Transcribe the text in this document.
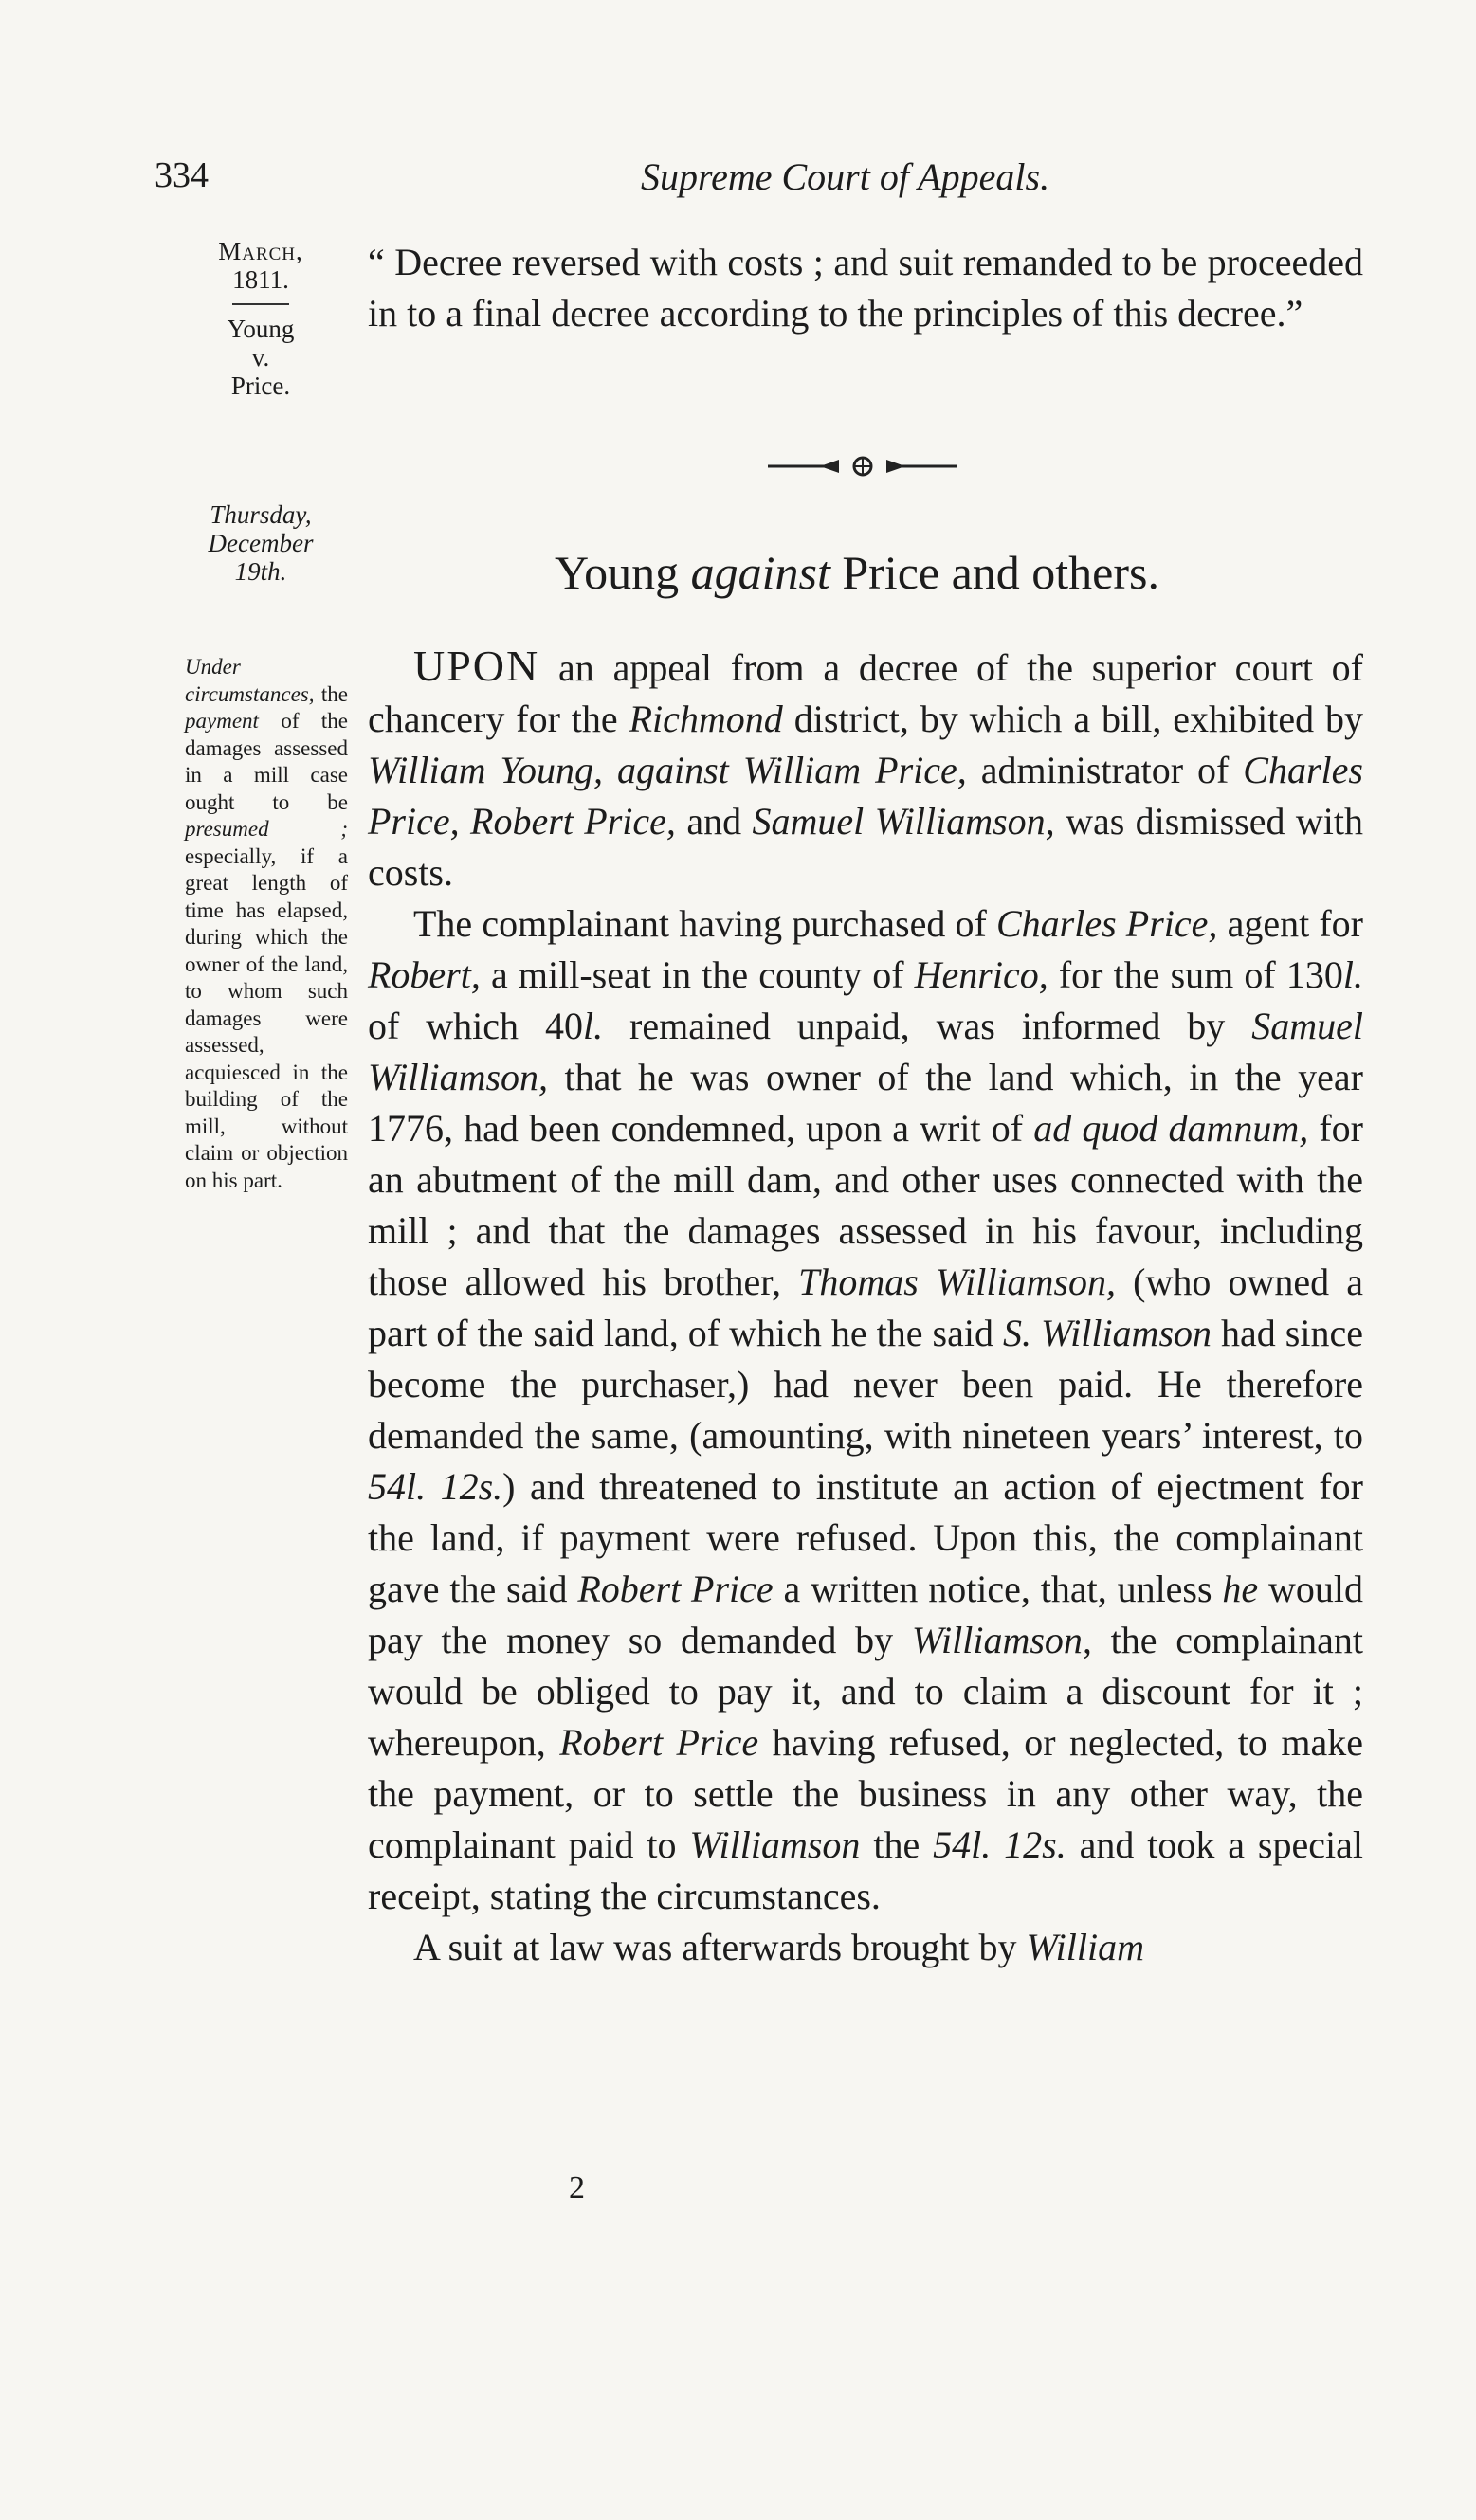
334	Supreme Court of Appeals.
March,
1811.
Young
v.
Price.
“ Decree reversed with costs ; and suit remanded to be proceeded in to a final decree according to the principles of this decree.”
Thursday,
December
19th.	Young against Price and others.
Under circumstances, the payment of the damages assessed in a mill case ought to be presumed ; especially, if a great length of time has elapsed, during which the owner of the land, to whom such damages were assessed, acquiesced in the building of the mill, without claim or objection on his part.
UPON an appeal from a decree of the superior court of chancery for the Richmond district, by which a bill, exhibited by William Young, against William Price, administrator of Charles Price, Robert Price, and Samuel Williamson, was dismissed with costs.
The complainant having purchased of Charles Price, agent for Robert, a mill-seat in the county of Henrico, for the sum of 130l. of which 40l. remained unpaid, was informed by Samuel Williamson, that he was owner of the land which, in the year 1776, had been condemned, upon a writ of ad quod damnum, for an abutment of the mill dam, and other uses connected with the mill ; and that the damages assessed in his favour, including those allowed his brother, Thomas Williamson, (who owned a part of the said land, of which he the said S. Williamson had since become the purchaser,) had never been paid. He therefore demanded the same, (amounting, with nineteen years’ interest, to 54l. 12s.) and threatened to institute an action of ejectment for the land, if payment were refused. Upon this, the complainant gave the said Robert Price a written notice, that, unless he would pay the money so demanded by Williamson, the complainant would be obliged to pay it, and to claim a discount for it ; whereupon, Robert Price having refused, or neglected, to make the payment, or to settle the business in any other way, the complainant paid to Williamson the 54l. 12s. and took a special receipt, stating the circumstances.
A suit at law was afterwards brought by William
2
